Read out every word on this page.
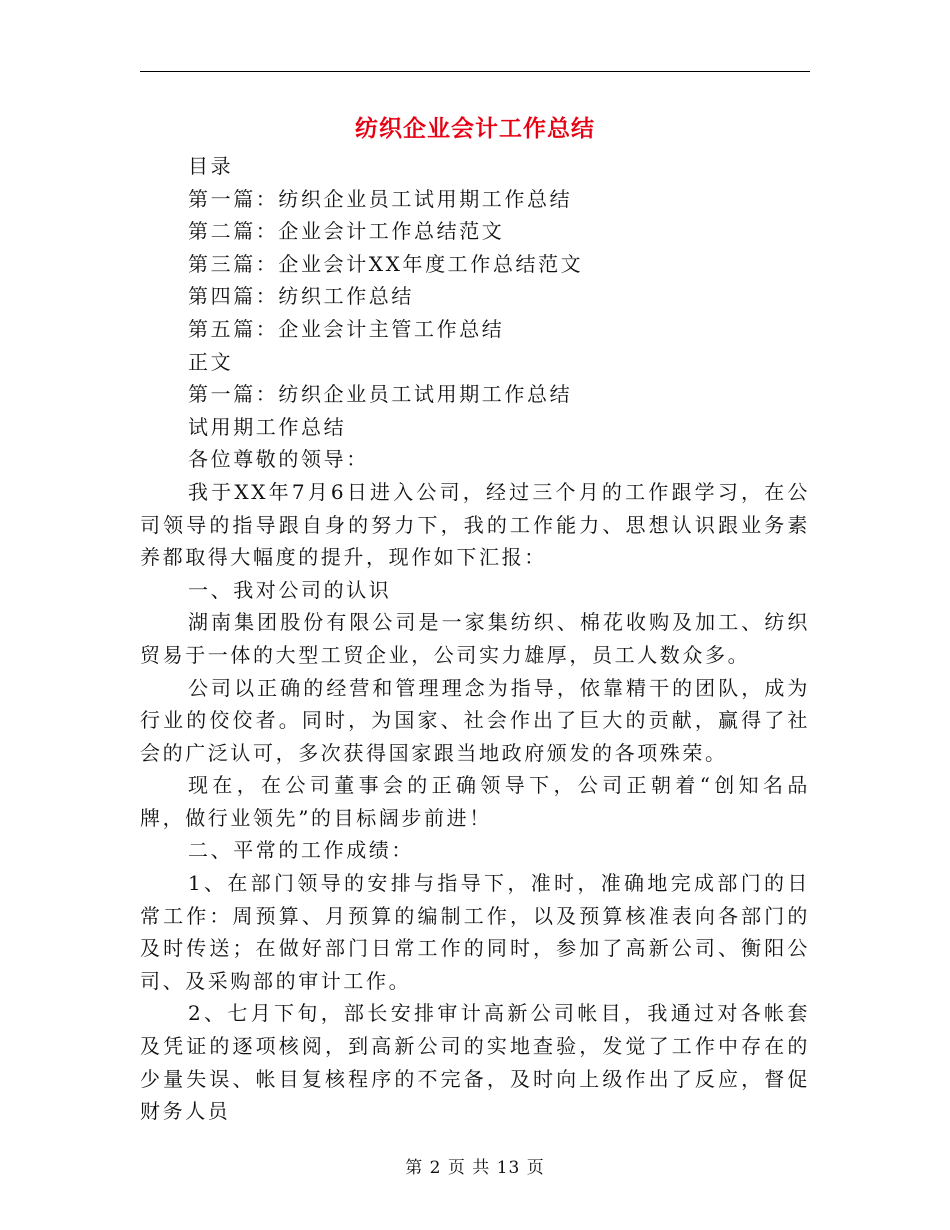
纺织企业会计工作总结
目录
第一篇：纺织企业员工试用期工作总结
第二篇：企业会计工作总结范文
第三篇：企业会计XX年度工作总结范文
第四篇：纺织工作总结
第五篇：企业会计主管工作总结
正文
第一篇：纺织企业员工试用期工作总结
试用期工作总结
各位尊敬的领导：
我于XX年7月6日进入公司，经过三个月的工作跟学习，在公司领导的指导跟自身的努力下，我的工作能力、思想认识跟业务素养都取得大幅度的提升，现作如下汇报：
一、我对公司的认识
湖南集团股份有限公司是一家集纺织、棉花收购及加工、纺织贸易于一体的大型工贸企业，公司实力雄厚，员工人数众多。
公司以正确的经营和管理理念为指导，依靠精干的团队，成为行业的佼佼者。同时，为国家、社会作出了巨大的贡献，赢得了社会的广泛认可，多次获得国家跟当地政府颁发的各项殊荣。
现在，在公司董事会的正确领导下，公司正朝着“创知名品牌，做行业领先”的目标阔步前进！
二、平常的工作成绩：
1、在部门领导的安排与指导下，准时，准确地完成部门的日常工作：周预算、月预算的编制工作，以及预算核准表向各部门的及时传送；在做好部门日常工作的同时，参加了高新公司、衡阳公司、及采购部的审计工作。
2、七月下旬，部长安排审计高新公司帐目，我通过对各帐套及凭证的逐项核阅，到高新公司的实地查验，发觉了工作中存在的少量失误、帐目复核程序的不完备，及时向上级作出了反应，督促财务人员
第 2 页 共 13 页
